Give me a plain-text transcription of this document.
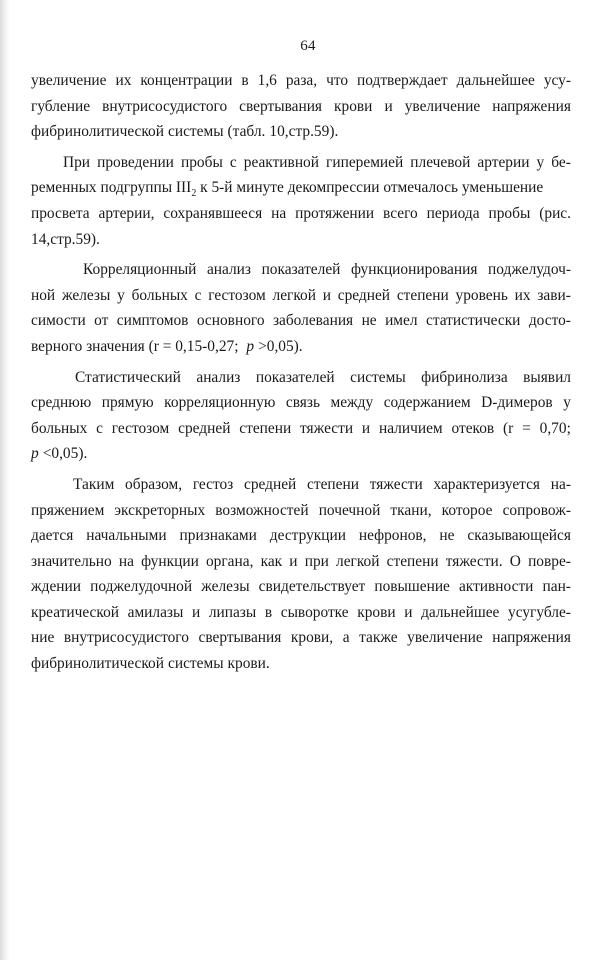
64
увеличение их концентрации в 1,6 раза, что подтверждает дальнейшее усу-
губление внутрисосудистого свертывания крови и увеличение напряжения
фибринолитической системы (табл. 10,стр.59).
При проведении пробы с реактивной гиперемией плечевой артерии у бе-
ременных подгруппы $III_2$ к 5-й минуте декомпрессии отмечалось уменьшение
просвета артерии, сохранявшееся на протяжении всего периода пробы (рис.
14,стр.59).
Корреляционный анализ показателей функционирования поджелудоч-
ной железы у больных с гестозом легкой и средней степени уровень их зави-
симости от симптомов основного заболевания не имел статистически досто-
верного значения (r = 0,15-0,27; p >0,05).
Статистический анализ показателей системы фибринолиза выявил
среднюю прямую корреляционную связь между содержанием D-димеров у
больных с гестозом средней степени тяжести и наличием отеков (r = 0,70;
p <0,05).
Таким образом, гестоз средней степени тяжести характеризуется на-
пряжением экскреторных возможностей почечной ткани, которое сопровож-
дается начальными признаками деструкции нефронов, не сказывающейся
значительно на функции органа, как и при легкой степени тяжести. О повре-
ждении поджелудочной железы свидетельствует повышение активности пан-
креатической амилазы и липазы в сыворотке крови и дальнейшее усугубле-
ние внутрисосудистого свертывания крови, а также увеличение напряжения
фибринолитической системы крови.
